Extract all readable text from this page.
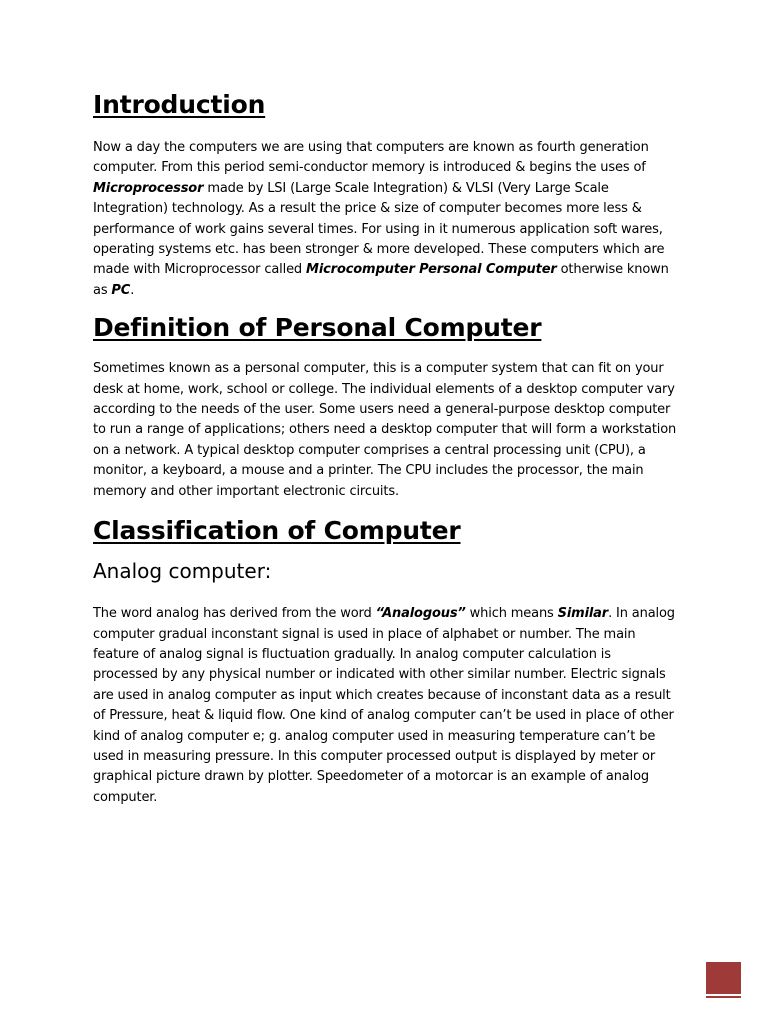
Introduction

Now a day the computers we are using that computers are known as fourth generation computer. From this period semi-conductor memory is introduced & begins the uses of Microprocessor made by LSI (Large Scale Integration) & VLSI (Very Large Scale Integration) technology. As a result the price & size of computer becomes more less & performance of work gains several times. For using in it numerous application soft wares, operating systems etc. has been stronger & more developed. These computers which are made with Microprocessor called Microcomputer Personal Computer otherwise known as PC.

Definition of Personal Computer

Sometimes known as a personal computer, this is a computer system that can fit on your desk at home, work, school or college. The individual elements of a desktop computer vary according to the needs of the user. Some users need a general-purpose desktop computer to run a range of applications; others need a desktop computer that will form a workstation on a network. A typical desktop computer comprises a central processing unit (CPU), a monitor, a keyboard, a mouse and a printer. The CPU includes the processor, the main memory and other important electronic circuits.

Classification of Computer
Analog computer:

The word analog has derived from the word “Analogous” which means Similar. In analog computer gradual inconstant signal is used in place of alphabet or number. The main feature of analog signal is fluctuation gradually. In analog computer calculation is processed by any physical number or indicated with other similar number. Electric signals are used in analog computer as input which creates because of inconstant data as a result of Pressure, heat & liquid flow. One kind of analog computer can’t be used in place of other kind of analog computer e; g. analog computer used in measuring temperature can’t be used in measuring pressure. In this computer processed output is displayed by meter or graphical picture drawn by plotter. Speedometer of a motorcar is an example of analog computer.
